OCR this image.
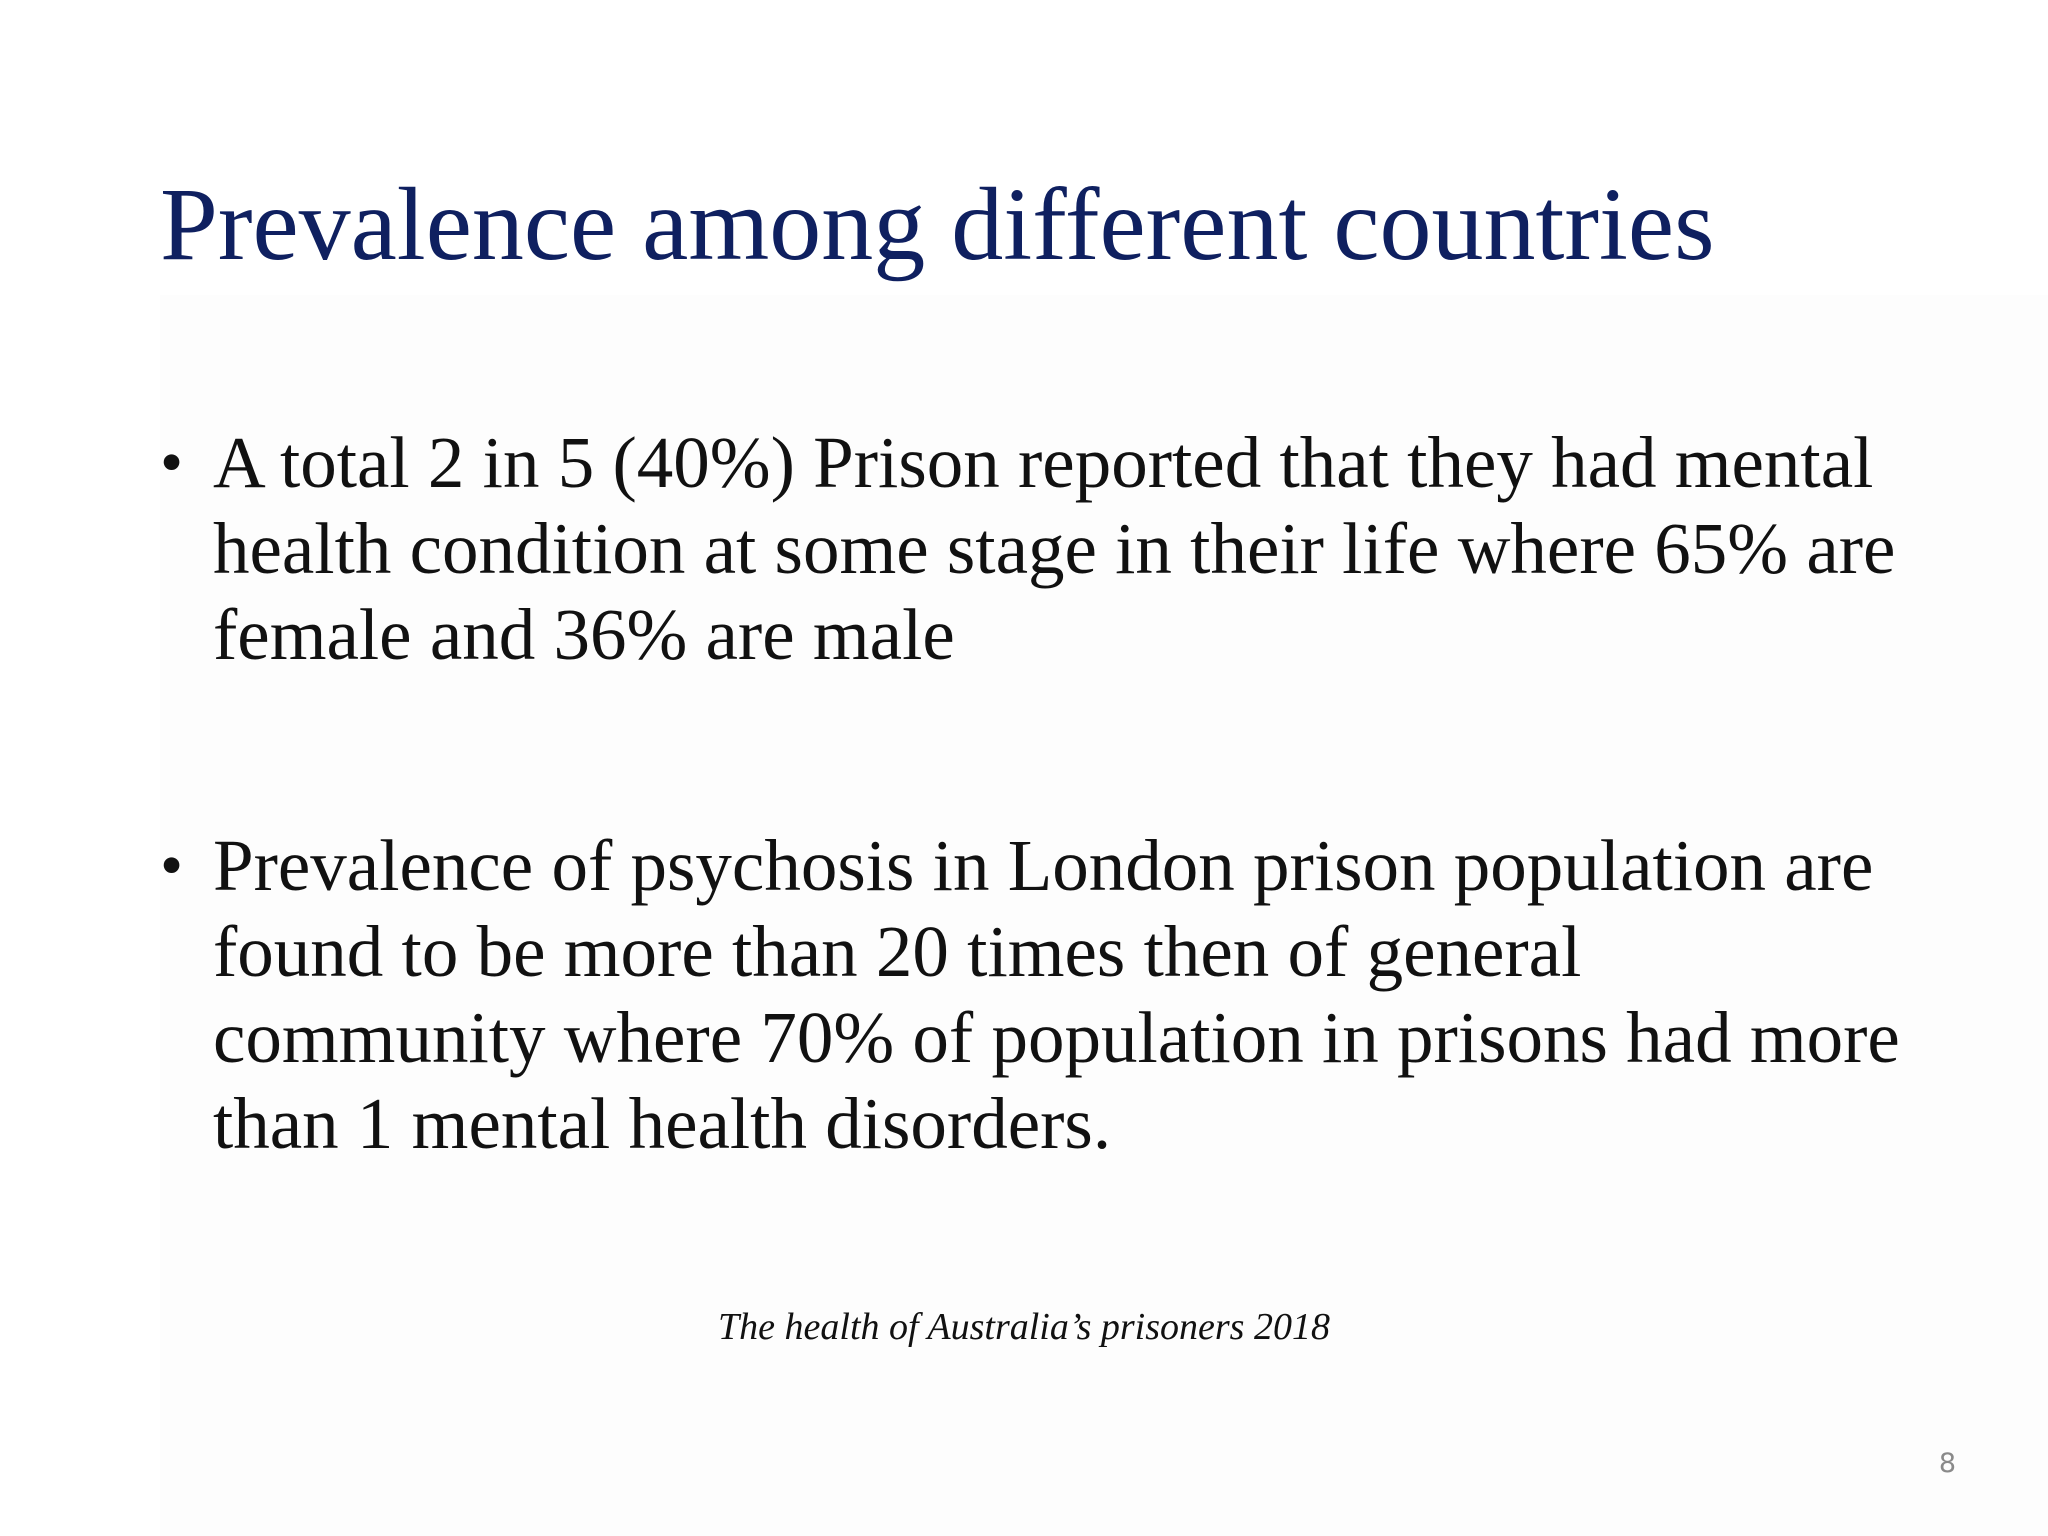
Prevalence among different countries
• A total 2 in 5 (40%) Prison reported that they had mental health condition at some stage in their life where 65% are female and 36% are male
• Prevalence of psychosis in London prison population are found to be more than 20 times then of general community where 70% of population in prisons had more than 1 mental health disorders.
The health of Australia’s prisoners 2018
8
